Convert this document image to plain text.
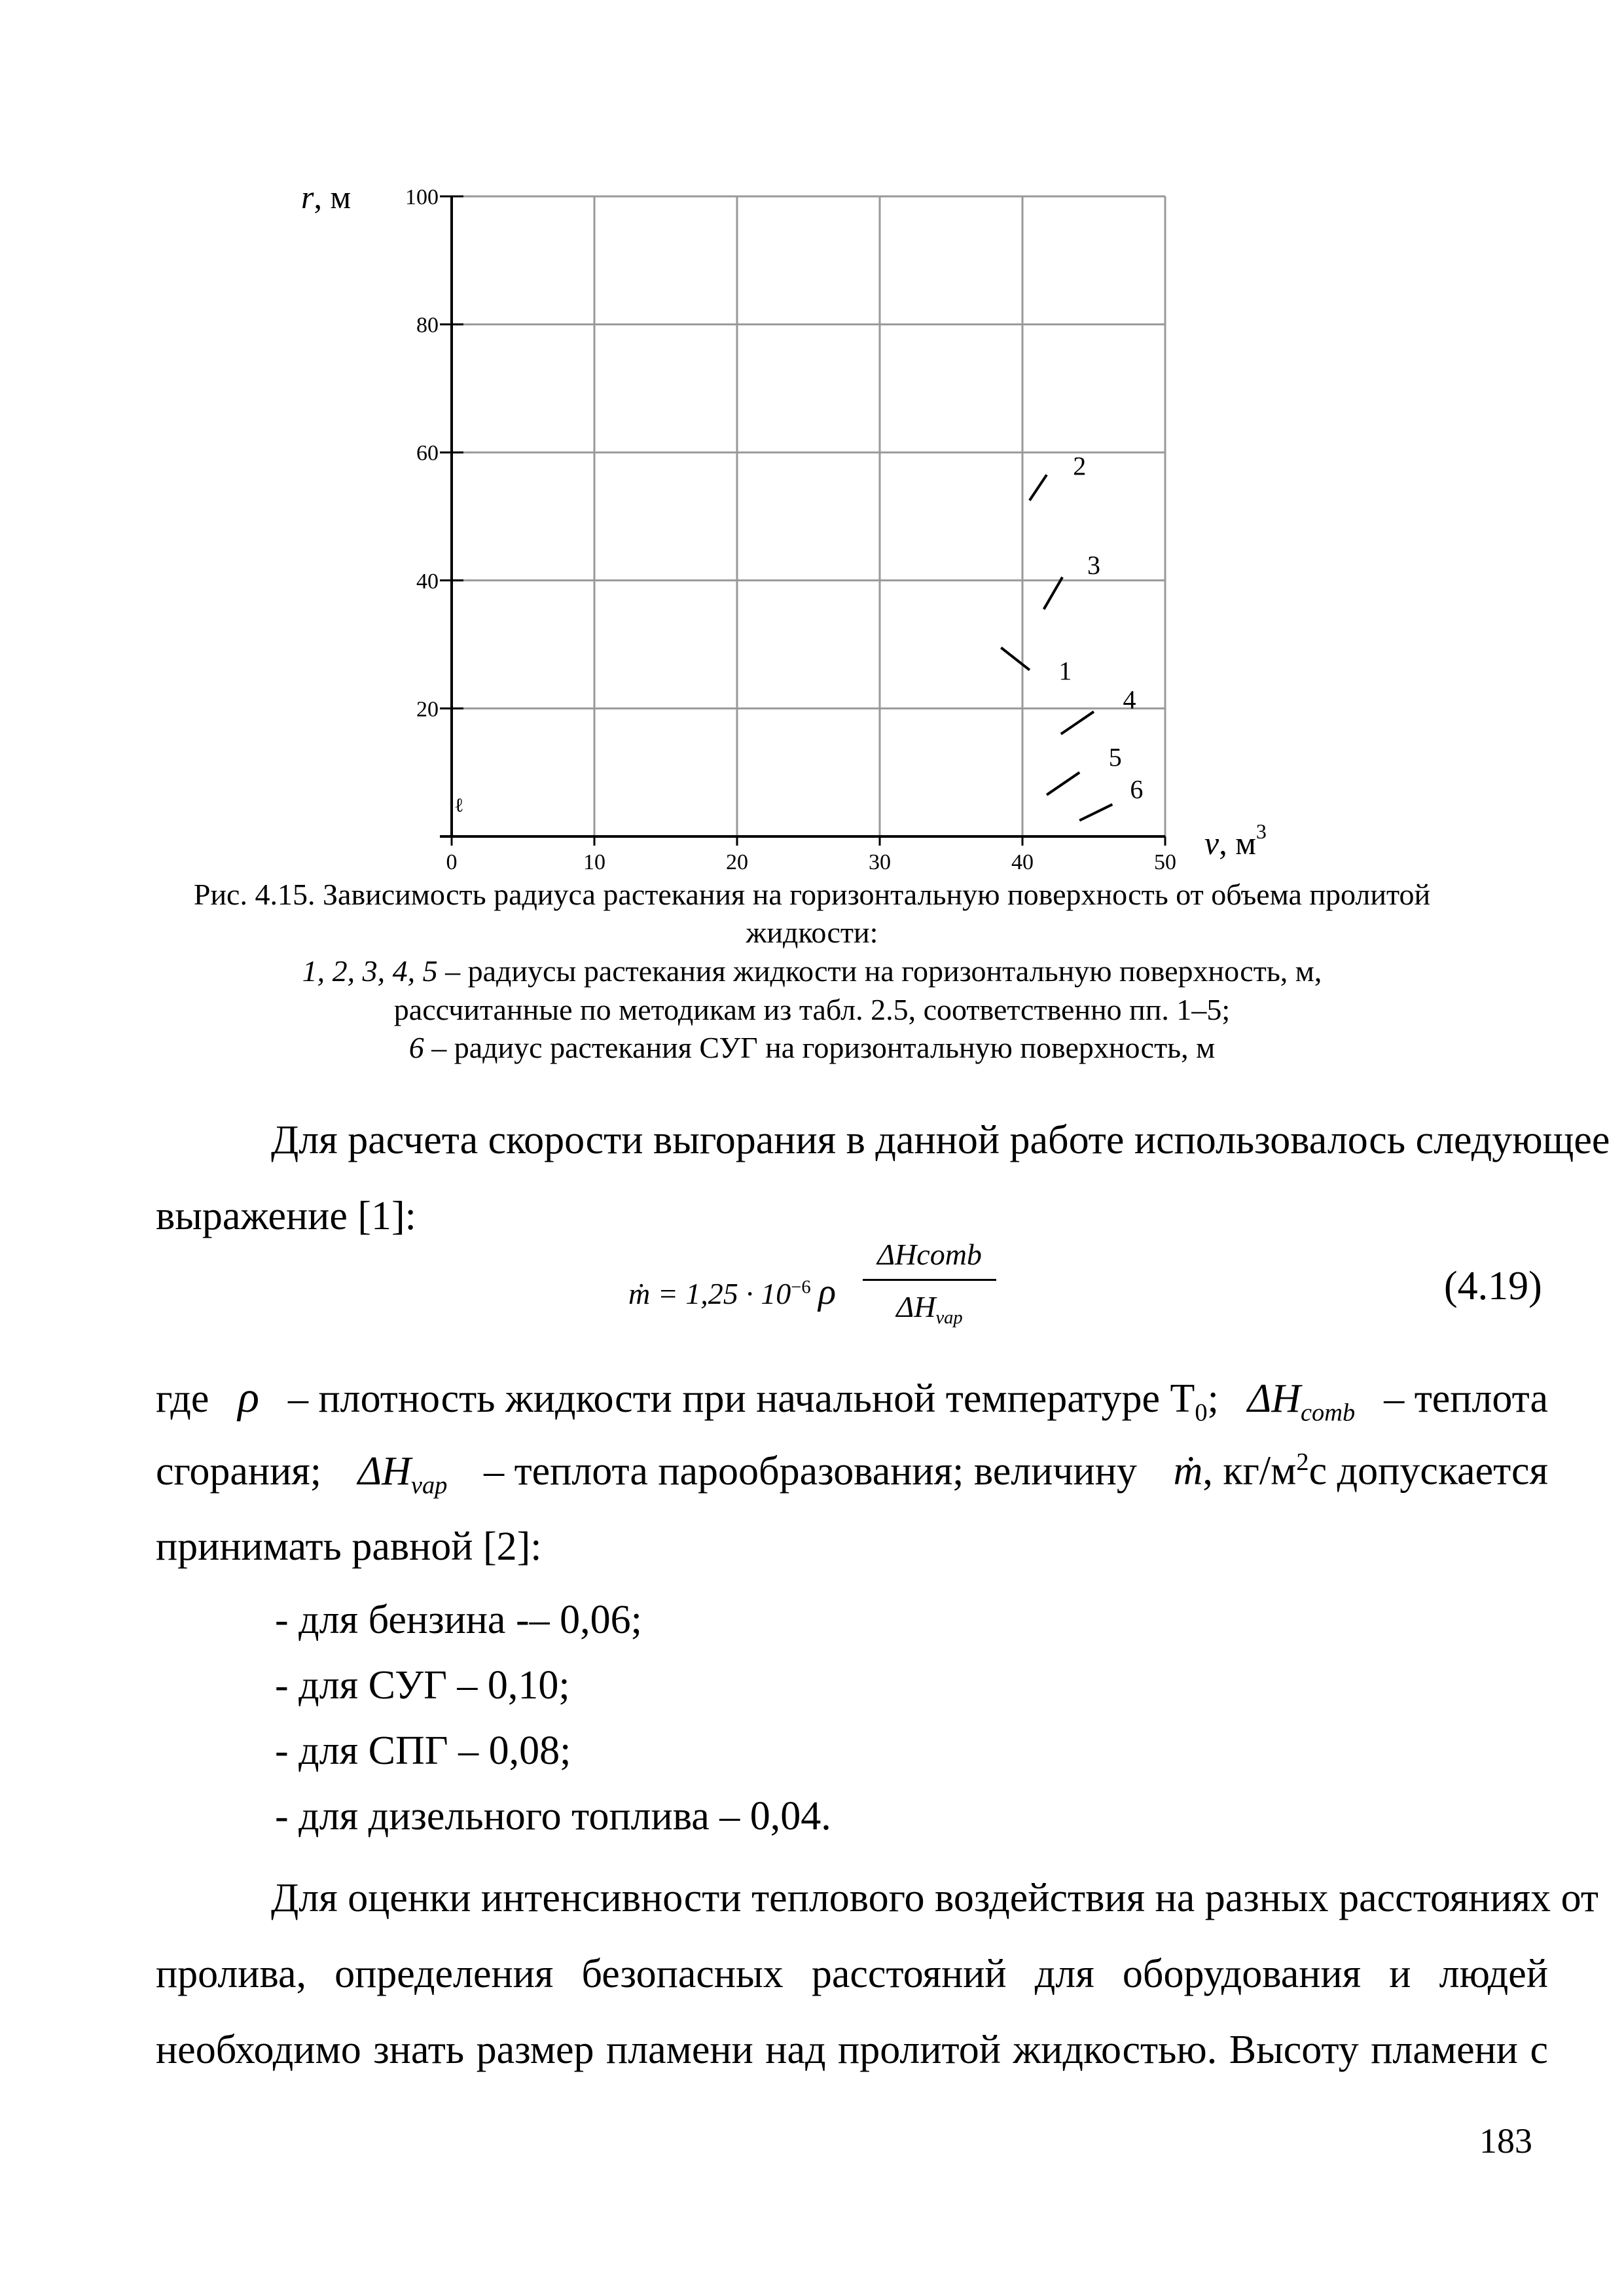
0	10	20	30	40	50
20
40
60
80
100
2
3
1
4
5
6
r, м
v, $м^3$
ℓ
Рис. 4.15. Зависимость радиуса растекания на горизонтальную поверхность от объема пролитой
жидкости:
1, 2, 3, 4, 5 – радиусы растекания жидкости на горизонтальную поверхность, м,
рассчитанные по методикам из табл. 2.5, соответственно пп. 1–5;
6 – радиус растекания СУГ на горизонтальную поверхность, м
Для расчета скорости выгорания в данной работе использовалось следующее
выражение [1]:
ṁ = $1,25 \cdot 10^{-6}$ ρ
ΔHcomb
$\Delta H_{vap}$
(4.19)
где ρ – плотность жидкости при начальной температуре $Т_0$; $\Delta H_{comb}$ – теплота
сгорания; $\Delta H_{vap}$ – теплота парообразования; величину ṁ, $кг/м^2с$ допускается
принимать равной [2]:
- для бензина -– 0,06;
- для СУГ – 0,10;
- для СПГ – 0,08;
- для дизельного топлива – 0,04.
Для оценки интенсивности теплового воздействия на разных расстояниях от
пролива, определения безопасных расстояний для оборудования и людей
необходимо знать размер пламени над пролитой жидкостью. Высоту пламени с
183
